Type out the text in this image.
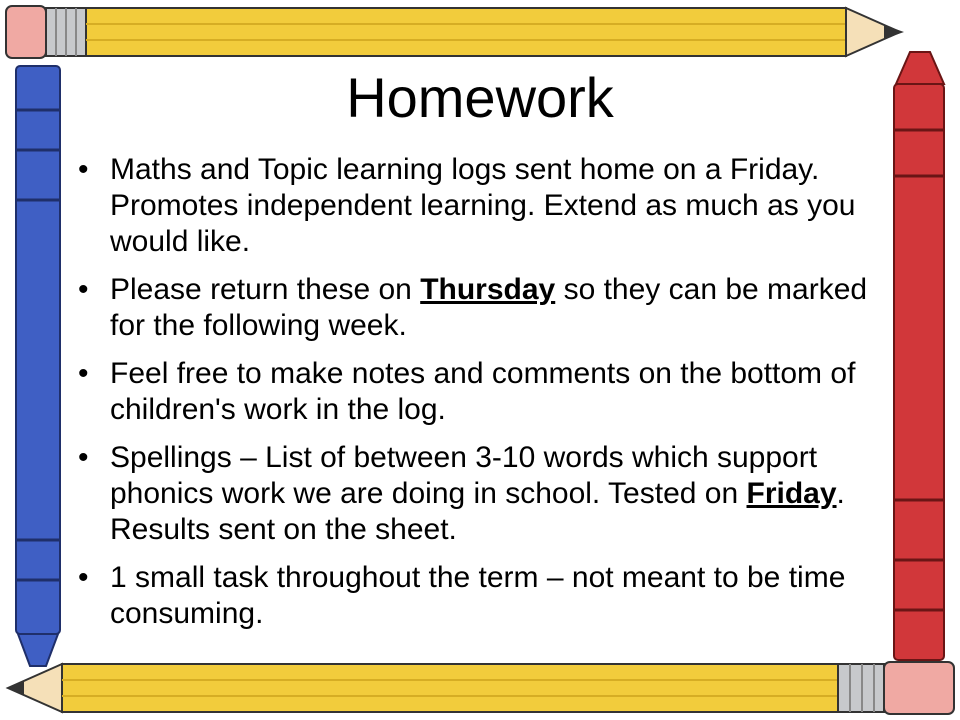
Homework
• Maths and Topic learning logs sent home on a Friday. Promotes independent learning. Extend as much as you would like.
• Please return these on Thursday so they can be marked for the following week.
• Feel free to make notes and comments on the bottom of children's work in the log.
• Spellings – List of between 3-10 words which support phonics work we are doing in school. Tested on Friday. Results sent on the sheet.
• 1 small task throughout the term – not meant to be time consuming.
